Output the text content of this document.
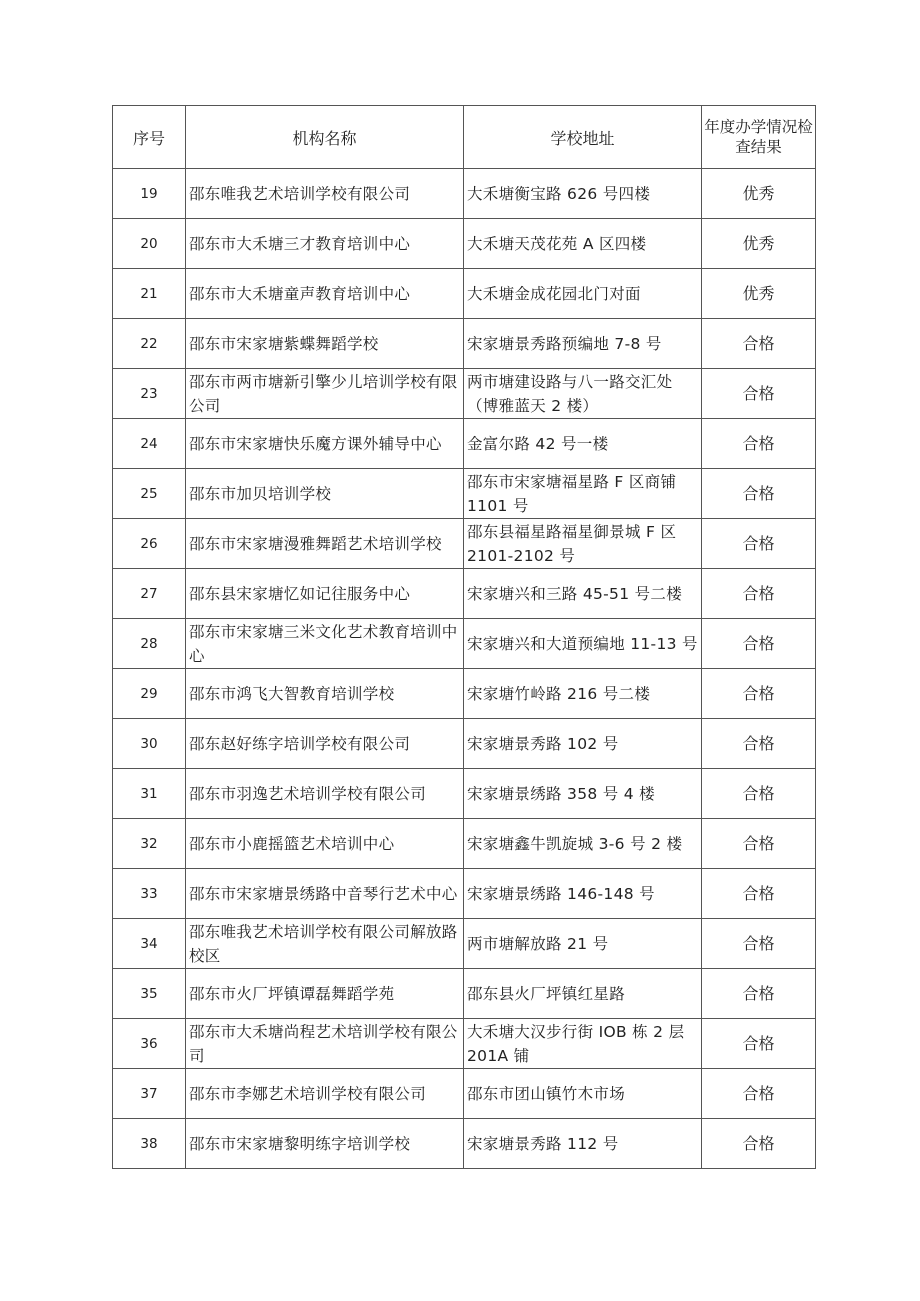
序号	机构名称	学校地址	年度办学情况检查结果
19	邵东唯我艺术培训学校有限公司	大禾塘衡宝路 626 号四楼	优秀
20	邵东市大禾塘三才教育培训中心	大禾塘天茂花苑 A 区四楼	优秀
21	邵东市大禾塘童声教育培训中心	大禾塘金成花园北门对面	优秀
22	邵东市宋家塘紫蝶舞蹈学校	宋家塘景秀路预编地 7-8 号	合格
23	邵东市两市塘新引擎少儿培训学校有限公司	两市塘建设路与八一路交汇处（博雅蓝天 2 楼）	合格
24	邵东市宋家塘快乐魔方课外辅导中心	金富尔路 42 号一楼	合格
25	邵东市加贝培训学校	邵东市宋家塘福星路 F 区商铺 1101 号	合格
26	邵东市宋家塘漫雅舞蹈艺术培训学校	邵东县福星路福星御景城 F 区 2101-2102 号	合格
27	邵东县宋家塘忆如记往服务中心	宋家塘兴和三路 45-51 号二楼	合格
28	邵东市宋家塘三米文化艺术教育培训中心	宋家塘兴和大道预编地 11-13 号	合格
29	邵东市鸿飞大智教育培训学校	宋家塘竹岭路 216 号二楼	合格
30	邵东赵好练字培训学校有限公司	宋家塘景秀路 102 号	合格
31	邵东市羽逸艺术培训学校有限公司	宋家塘景绣路 358 号 4 楼	合格
32	邵东市小鹿摇篮艺术培训中心	宋家塘鑫牛凯旋城 3-6 号 2 楼	合格
33	邵东市宋家塘景绣路中音琴行艺术中心	宋家塘景绣路 146-148 号	合格
34	邵东唯我艺术培训学校有限公司解放路校区	两市塘解放路 21 号	合格
35	邵东市火厂坪镇谭磊舞蹈学苑	邵东县火厂坪镇红星路	合格
36	邵东市大禾塘尚程艺术培训学校有限公司	大禾塘大汉步行街 IOB 栋 2 层 201A 铺	合格
37	邵东市李娜艺术培训学校有限公司	邵东市团山镇竹木市场	合格
38	邵东市宋家塘黎明练字培训学校	宋家塘景秀路 112 号	合格
